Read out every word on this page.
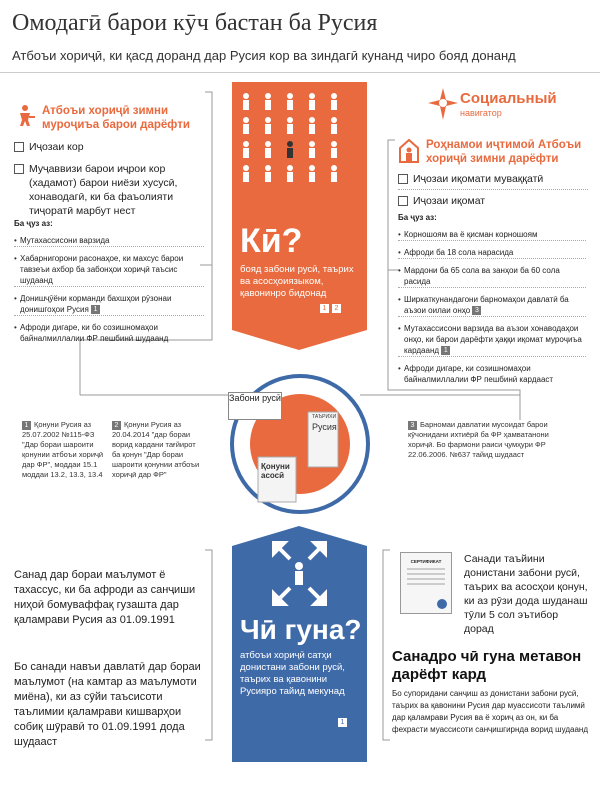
Омодагӣ барои кӯч бастан ба Русия
Атбоъи хориҷӣ, ки қасд доранд дар Русия кор ва зиндагӣ кунанд чиро бояд донанд
Атбоъи хориҷӣ зимни муроҷиъа барои дарёфти
Иҷозаи кор
Муҷаввизи барои иҷрои кор (хадамот) барои ниёзи хусусӣ, хонаводагӣ, ки ба фаъолияти тиҷоратӣ марбут нест
Ба ҷуз аз:
• Мутахассисони варзида
• Хабарнигорони расонаҳое, ки махсус барои тавзеъи ахбор ба забонҳои хориҷӣ таъсис шудаанд
• Донишҷӯёни корманди бахшҳои рӯзонаи донишгоҳои Русия 1
• Афроди дигаре, ки бо созишномаҳои байналмиллалии ФР пешбинӣ шудаанд
Кӣ?
бояд забони русӣ, таърих ва асосҳоиязыком, қавонинро бидонад
1 2
Социальный
навигатор
Роҳнамои иҷтимоӣ Атбоъи хориҷӣ зимни дарёфти
Иҷозаи иқомати муваққатӣ
Иҷозаи иқомат
Ба ҷуз аз:
• Корношоям ва ё қисман корношоям
• Афроди ба 18 сола нарасида
• Мардони ба 65 сола ва занҳои ба 60 сола расида
• Ширкаткунандагони барномаҳои давлатӣ ба аъзои оилаи онҳо 3
• Мутахассисони варзида ва аъзои хонаводаҳои онҳо, ки барои дарёфти ҳаққи иқомат муроҷиъа кардаанд 1
• Афроди дигаре, ки созишномаҳои байналмиллалии ФР пешбинӣ кардааст
Забони русӣ
ТАЪРИХИ
Русия
Қонуни асосӣ
1 Қонуни Русия аз 25.07.2002 №115-ФЗ "Дар бораи шароити қонунии атбоъи хориҷӣ дар ФР", моддаи 15.1 моддаи 13.2, 13.3, 13.4
2 Қонуни Русия аз 20.04.2014 "дар бораи ворид кардани тағйирот ба қонун "Дар бораи шароити қонунии атбоъи хориҷӣ дар ФР"
3 Барномаи давлатии мусоидат барои кӯчонидани ихтиёрӣ ба ФР ҳамватанони хориҷӣ. Бо фармони раиси ҷумҳури ФР 22.06.2006. №637 тайид шудааст
Санад дар бораи маълумот ё тахассус, ки ба афроди аз санҷиши ниҳоӣ бомуваффақ гузашта дар қаламрави Русия аз 01.09.1991
Бо санади навъи давлатӣ дар бораи маълумот (на камтар аз маълумоти миёна), ки аз сӯйи таъсисоти таълимии қаламрави кишварҳои собиқ шӯравӣ то 01.09.1991 дода шудааст
Чӣ гуна?
атбоъи хориҷӣ сатҳи донистани забони русӣ, таърих ва қавонини Русияро тайид мекунад
1
СЕРТИФИКАТ	Санади таъйини донистани забони русӣ, таърих ва асосҳои қонун, ки аз рӯзи дода шуданаш тӯли 5 сол эътибор дорад
Санадро чӣ гуна метавон дарёфт кард
Бо супоридани санҷиш аз донистани забони русӣ, таърих ва қавонини Русия дар муассисоти таълимӣ дар қаламрави Русия ва ё хориҷ аз он, ки ба фехрасти муассисоти санҷишгирнда ворид шудаанд
